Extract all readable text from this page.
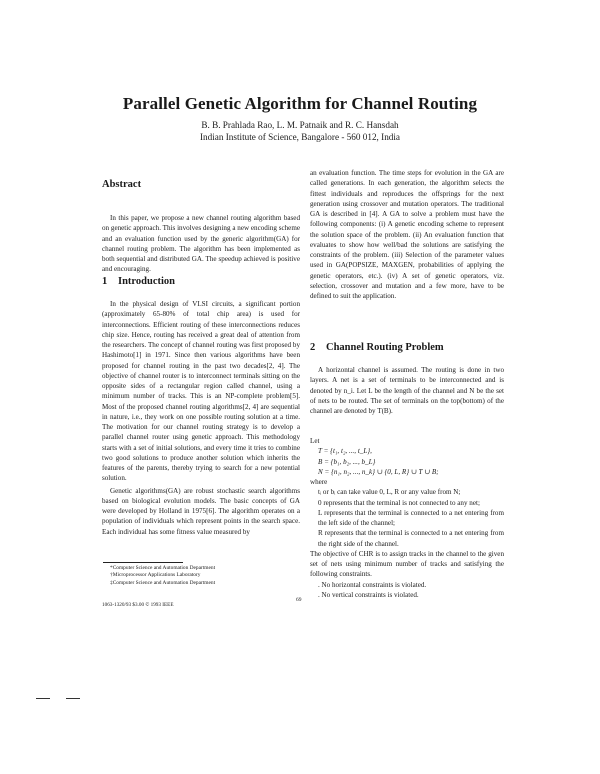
Parallel Genetic Algorithm for Channel Routing
B. B. Prahlada Rao, L. M. Patnaik and R. C. Hansdah
Indian Institute of Science, Bangalore - 560 012, India
Abstract

In this paper, we propose a new channel routing algorithm based on genetic approach. This involves designing a new encoding scheme and an evaluation function used by the generic algorithm(GA) for channel routing problem. The algorithm has been implemented as both sequential and distributed GA. The speedup achieved is positive and encouraging.

1 Introduction

In the physical design of VLSI circuits, a significant portion (approximately 65-80% of total chip area) is used for interconnections. Efficient routing of these interconnections reduces chip size. Hence, routing has received a great deal of attention from the researchers. The concept of channel routing was first proposed by Hashimoto[1] in 1971. Since then various algorithms have been proposed for channel routing in the past two decades[2, 4]. The objective of channel router is to interconnect terminals sitting on the opposite sides of a rectangular region called channel, using a minimum number of tracks. This is an NP-complete problem[5]. Most of the proposed channel routing algorithms[2, 4] are sequential in nature, i.e., they work on one possible routing solution at a time. The motivation for our channel routing strategy is to develop a parallel channel router using genetic approach. This methodology starts with a set of initial solutions, and every time it tries to combine two good solutions to produce another solution which inherits the features of the parents, thereby trying to search for a new potential solution.

Genetic algorithms(GA) are robust stochastic search algorithms based on biological evolution models. The basic concepts of GA were developed by Holland in 1975[6]. The algorithm operates on a population of individuals which represent points in the search space. Each individual has some fitness value measured by

*Computer Science and Automation Department
†Microprocessor Applications Laboratory
‡Computer Science and Automation Department
1063-1320/93 $3.00 © 1993 IEEE
69

an evaluation function. The time steps for evolution in the GA are called generations. In each generation, the algorithm selects the fittest individuals and reproduces the offsprings for the next generation using crossover and mutation operators. The traditional GA is described in [4]. A GA to solve a problem must have the following components: (i) A genetic encoding scheme to represent the solution space of the problem. (ii) An evaluation function that evaluates to show how well/bad the solutions are satisfying the constraints of the problem. (iii) Selection of the parameter values used in GA(POPSIZE, MAXGEN, probabilities of applying the genetic operators, etc.). (iv) A set of genetic operators, viz. selection, crossover and mutation and a few more, have to be defined to suit the application.

2 Channel Routing Problem

A horizontal channel is assumed. The routing is done in two layers. A net is a set of terminals to be interconnected and is denoted by n_i. Let L be the length of the channel and N be the set of nets to be routed. The set of terminals on the top(bottom) of the channel are denoted by T(B).

Let
T = {t₁, t₂, ..., t_L},
B = {b₁, b₂, ..., b_L}
N = {n₁, n₂, ..., n_k} ∪ {0, L, R} ∪ T ∪ B;
where
tᵢ or bᵢ can take value 0, L, R or any value from N;
0 represents that the terminal is not connected to any net;
L represents that the terminal is connected to a net entering from the left side of the channel;
R represents that the terminal is connected to a net entering from the right side of the channel.
The objective of CHR is to assign tracks in the channel to the given set of nets using minimum number of tracks and satisfying the following constraints.
. No horizontal constraints is violated.
. No vertical constraints is violated.
